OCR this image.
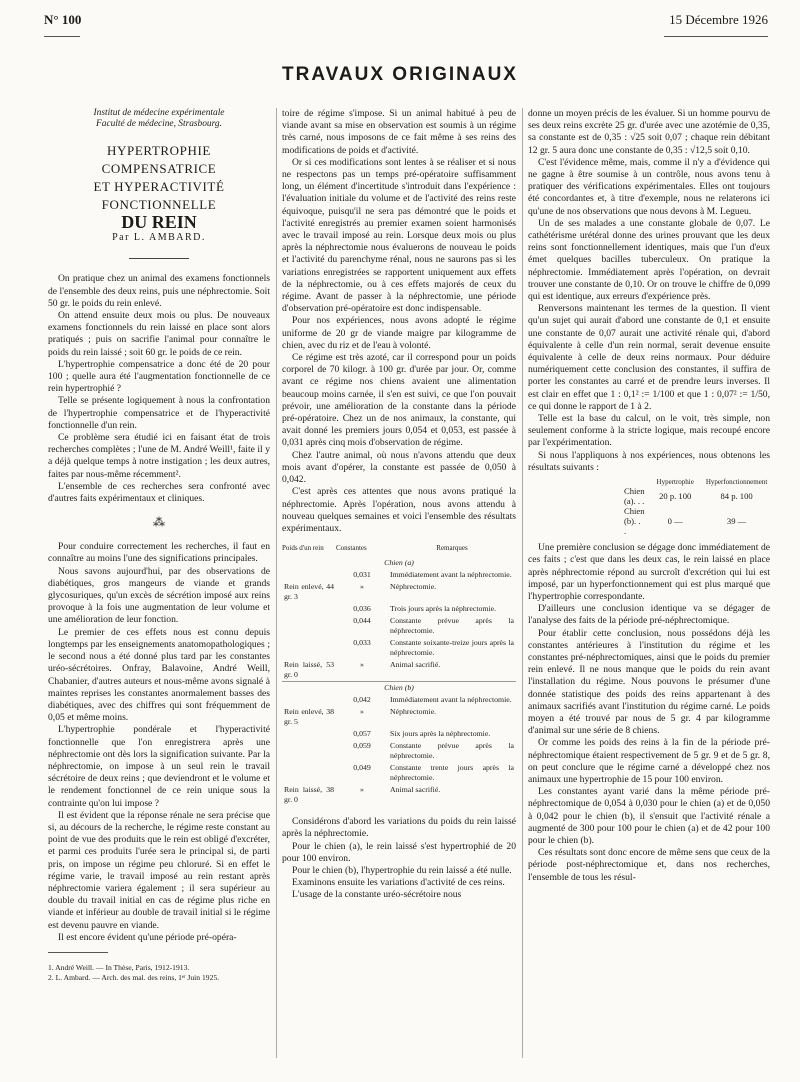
N° 100	15 Décembre 1926
TRAVAUX ORIGINAUX
Institut de médecine expérimentale
Faculté de médecine, Strasbourg.
HYPERTROPHIE COMPENSATRICE
ET HYPERACTIVITÉ FONCTIONNELLE
DU REIN
Par L. AMBARD.

On pratique chez un animal des examens fonctionnels de l'ensemble des deux reins, puis une néphrectomie. Soit 50 gr. le poids du rein enlevé.

On attend ensuite deux mois ou plus. De nouveaux examens fonctionnels du rein laissé en place sont alors pratiqués ; puis on sacrifie l'animal pour connaître le poids du rein laissé ; soit 60 gr. le poids de ce rein.

L'hypertrophie compensatrice a donc été de 20 pour 100 ; quelle aura été l'augmentation fonctionnelle de ce rein hypertrophié ?

Telle se présente logiquement à nous la confrontation de l'hypertrophie compensatrice et de l'hyperactivité fonctionnelle d'un rein.

Ce problème sera étudié ici en faisant état de trois recherches complètes ; l'une de M. André Weill¹, faite il y a déjà quelque temps à notre instigation ; les deux autres, faites par nous-même récemment².

L'ensemble de ces recherches sera confronté avec d'autres faits expérimentaux et cliniques.

⁂

Pour conduire correctement les recherches, il faut en connaître au moins l'une des significations principales.

Nous savons aujourd'hui, par des observations de diabétiques, gros mangeurs de viande et grands glycosuriques, qu'un excès de sécrétion imposé aux reins provoque à la fois une augmentation de leur volume et une amélioration de leur fonction.

Le premier de ces effets nous est connu depuis longtemps par les enseignements anatomopathologiques ; le second nous a été donné plus tard par les constantes uréo-sécrétoires. Onfray, Balavoine, André Weill, Chabanier, d'autres auteurs et nous-même avons signalé à maintes reprises les constantes anormalement basses des diabétiques, avec des chiffres qui sont fréquemment de 0,05 et même moins.

L'hypertrophie pondérale et l'hyperactivité fonctionnelle que l'on enregistrera après une néphrectomie ont dès lors la signification suivante. Par la néphrectomie, on impose à un seul rein le travail sécrétoire de deux reins ; que deviendront et le volume et le rendement fonctionnel de ce rein unique sous la contrainte qu'on lui impose ?

Il est évident que la réponse rénale ne sera précise que si, au décours de la recherche, le régime reste constant au point de vue des produits que le rein est obligé d'excréter, et parmi ces produits l'urée sera le principal si, de parti pris, on impose un régime peu chloruré. Si en effet le régime varie, le travail imposé au rein restant après néphrectomie variera également ; il sera supérieur au double du travail initial en cas de régime plus riche en viande et inférieur au double de travail initial si le régime est devenu pauvre en viande.

Il est encore évident qu'une période pré-opéra-

1. André Weill. — In Thèse, Paris, 1912-1913.

2. L. Ambard. — Arch. des mal. des reins, 1ᵉʳ Juin 1925.

toire de régime s'impose. Si un animal habitué à peu de viande avant sa mise en observation est soumis à un régime très carné, nous imposons de ce fait même à ses reins des modifications de poids et d'activité.

Or si ces modifications sont lentes à se réaliser et si nous ne respectons pas un temps pré-opératoire suffisamment long, un élément d'incertitude s'introduit dans l'expérience : l'évaluation initiale du volume et de l'activité des reins reste équivoque, puisqu'il ne sera pas démontré que le poids et l'activité enregistrés au premier examen soient harmonisés avec le travail imposé au rein. Lorsque deux mois ou plus après la néphrectomie nous évaluerons de nouveau le poids et l'activité du parenchyme rénal, nous ne saurons pas si les variations enregistrées se rapportent uniquement aux effets de la néphrectomie, ou à ces effets majorés de ceux du régime. Avant de passer à la néphrectomie, une période d'observation pré-opératoire est donc indispensable.

Pour nos expériences, nous avons adopté le régime uniforme de 20 gr de viande maigre par kilogramme de chien, avec du riz et de l'eau à volonté.

Ce régime est très azoté, car il correspond pour un poids corporel de 70 kilogr. à 100 gr. d'urée par jour. Or, comme avant ce régime nos chiens avaient une alimentation beaucoup moins carnée, il s'en est suivi, ce que l'on pouvait prévoir, une amélioration de la constante dans la période pré-opératoire. Chez un de nos animaux, la constante, qui avait donné les premiers jours 0,054 et 0,053, est passée à 0,031 après cinq mois d'observation de régime.

Chez l'autre animal, où nous n'avons attendu que deux mois avant d'opérer, la constante est passée de 0,050 à 0,042.

C'est après ces attentes que nous avons pratiqué la néphrectomie. Après l'opération, nous avons attendu à nouveau quelques semaines et voici l'ensemble des résultats expérimentaux.

Poids d'un rein	Constantes	Remarques
Chien (a)		
	0,031	Immédiatement avant la néphrectomie.
Rein enlevé, 44 gr. 3	»	Néphrectomie.
	0,036	Trois jours après la néphrectomie.
	0,044	Constante prévue après la néphrectomie.
	0,033	Constante soixante-treize jours après la néphrectomie.
Rein laissé, 53 gr. 0	»	Animal sacrifié.
Chien (b)		
	0,042	Immédiatement avant la néphrectomie.
Rein enlevé, 38 gr. 5	»	Néphrectomie.
	0,057	Six jours après la néphrectomie.
	0,059	Constante prévue après la néphrectomie.
	0,049	Constante trente jours après la néphrectomie.
Rein laissé, 38 gr. 0	»	Animal sacrifié.

Considérons d'abord les variations du poids du rein laissé après la néphrectomie.

Pour le chien (a), le rein laissé s'est hypertrophié de 20 pour 100 environ.

Pour le chien (b), l'hypertrophie du rein laissé a été nulle.

Examinons ensuite les variations d'activité de ces reins.

L'usage de la constante uréo-sécrétoire nous

donne un moyen précis de les évaluer. Si un homme pourvu de ses deux reins excrète 25 gr. d'urée avec une azotémie de 0,35, sa constante est de 0,35 : √25 soit 0,07 ; chaque rein débitant 12 gr. 5 aura donc une constante de 0,35 : √12,5 soit 0,10.

C'est l'évidence même, mais, comme il n'y a d'évidence qui ne gagne à être soumise à un contrôle, nous avons tenu à pratiquer des vérifications expérimentales. Elles ont toujours été concordantes et, à titre d'exemple, nous ne relaterons ici qu'une de nos observations que nous devons à M. Legueu.

Un de ses malades a une constante globale de 0,07. Le cathétérisme urétéral donne des urines prouvant que les deux reins sont fonctionnellement identiques, mais que l'un d'eux émet quelques bacilles tuberculeux. On pratique la néphrectomie. Immédiatement après l'opération, on devrait trouver une constante de 0,10. Or on trouve le chiffre de 0,099 qui est identique, aux erreurs d'expérience près.

Renversons maintenant les termes de la question. Il vient qu'un sujet qui aurait d'abord une constante de 0,1 et ensuite une constante de 0,07 aurait une activité rénale qui, d'abord équivalente à celle d'un rein normal, serait devenue ensuite équivalente à celle de deux reins normaux. Pour déduire numériquement cette conclusion des constantes, il suffira de porter les constantes au carré et de prendre leurs inverses. Il est clair en effet que 1 : 0,1² := 1/100 et que 1 : 0,07² := 1/50, ce qui donne le rapport de 1 à 2.

Telle est la base du calcul, on le voit, très simple, non seulement conforme à la stricte logique, mais recoupé encore par l'expérimentation.

Si nous l'appliquons à nos expériences, nous obtenons les résultats suivants :

	Hypertrophie	Hyperfonctionnement
Chien (a). . .	20 p. 100	84 p. 100
Chien (b). . .	0 —	39 —

Une première conclusion se dégage donc immédiatement de ces faits ; c'est que dans les deux cas, le rein laissé en place après néphrectomie répond au surcroît d'excrétion qui lui est imposé, par un hyperfonctionnement qui est plus marqué que l'hypertrophie correspondante.

D'ailleurs une conclusion identique va se dégager de l'analyse des faits de la période pré-néphrectomique.

Pour établir cette conclusion, nous possédons déjà les constantes antérieures à l'institution du régime et les constantes pré-néphrectomiques, ainsi que le poids du premier rein enlevé. Il ne nous manque que le poids du rein avant l'installation du régime. Nous pouvons le présumer d'une donnée statistique des poids des reins appartenant à des animaux sacrifiés avant l'institution du régime carné. Le poids moyen a été trouvé par nous de 5 gr. 4 par kilogramme d'animal sur une série de 8 chiens.

Or comme les poids des reins à la fin de la période pré-néphrectomique étaient respectivement de 5 gr. 9 et de 5 gr. 8, on peut conclure que le régime carné a développé chez nos animaux une hypertrophie de 15 pour 100 environ.

Les constantes ayant varié dans la même période pré-néphrectomique de 0,054 à 0,030 pour le chien (a) et de 0,050 à 0,042 pour le chien (b), il s'ensuit que l'activité rénale a augmenté de 300 pour 100 pour le chien (a) et de 42 pour 100 pour le chien (b).

Ces résultats sont donc encore de même sens que ceux de la période post-néphrectomique et, dans nos recherches, l'ensemble de tous les résul-
